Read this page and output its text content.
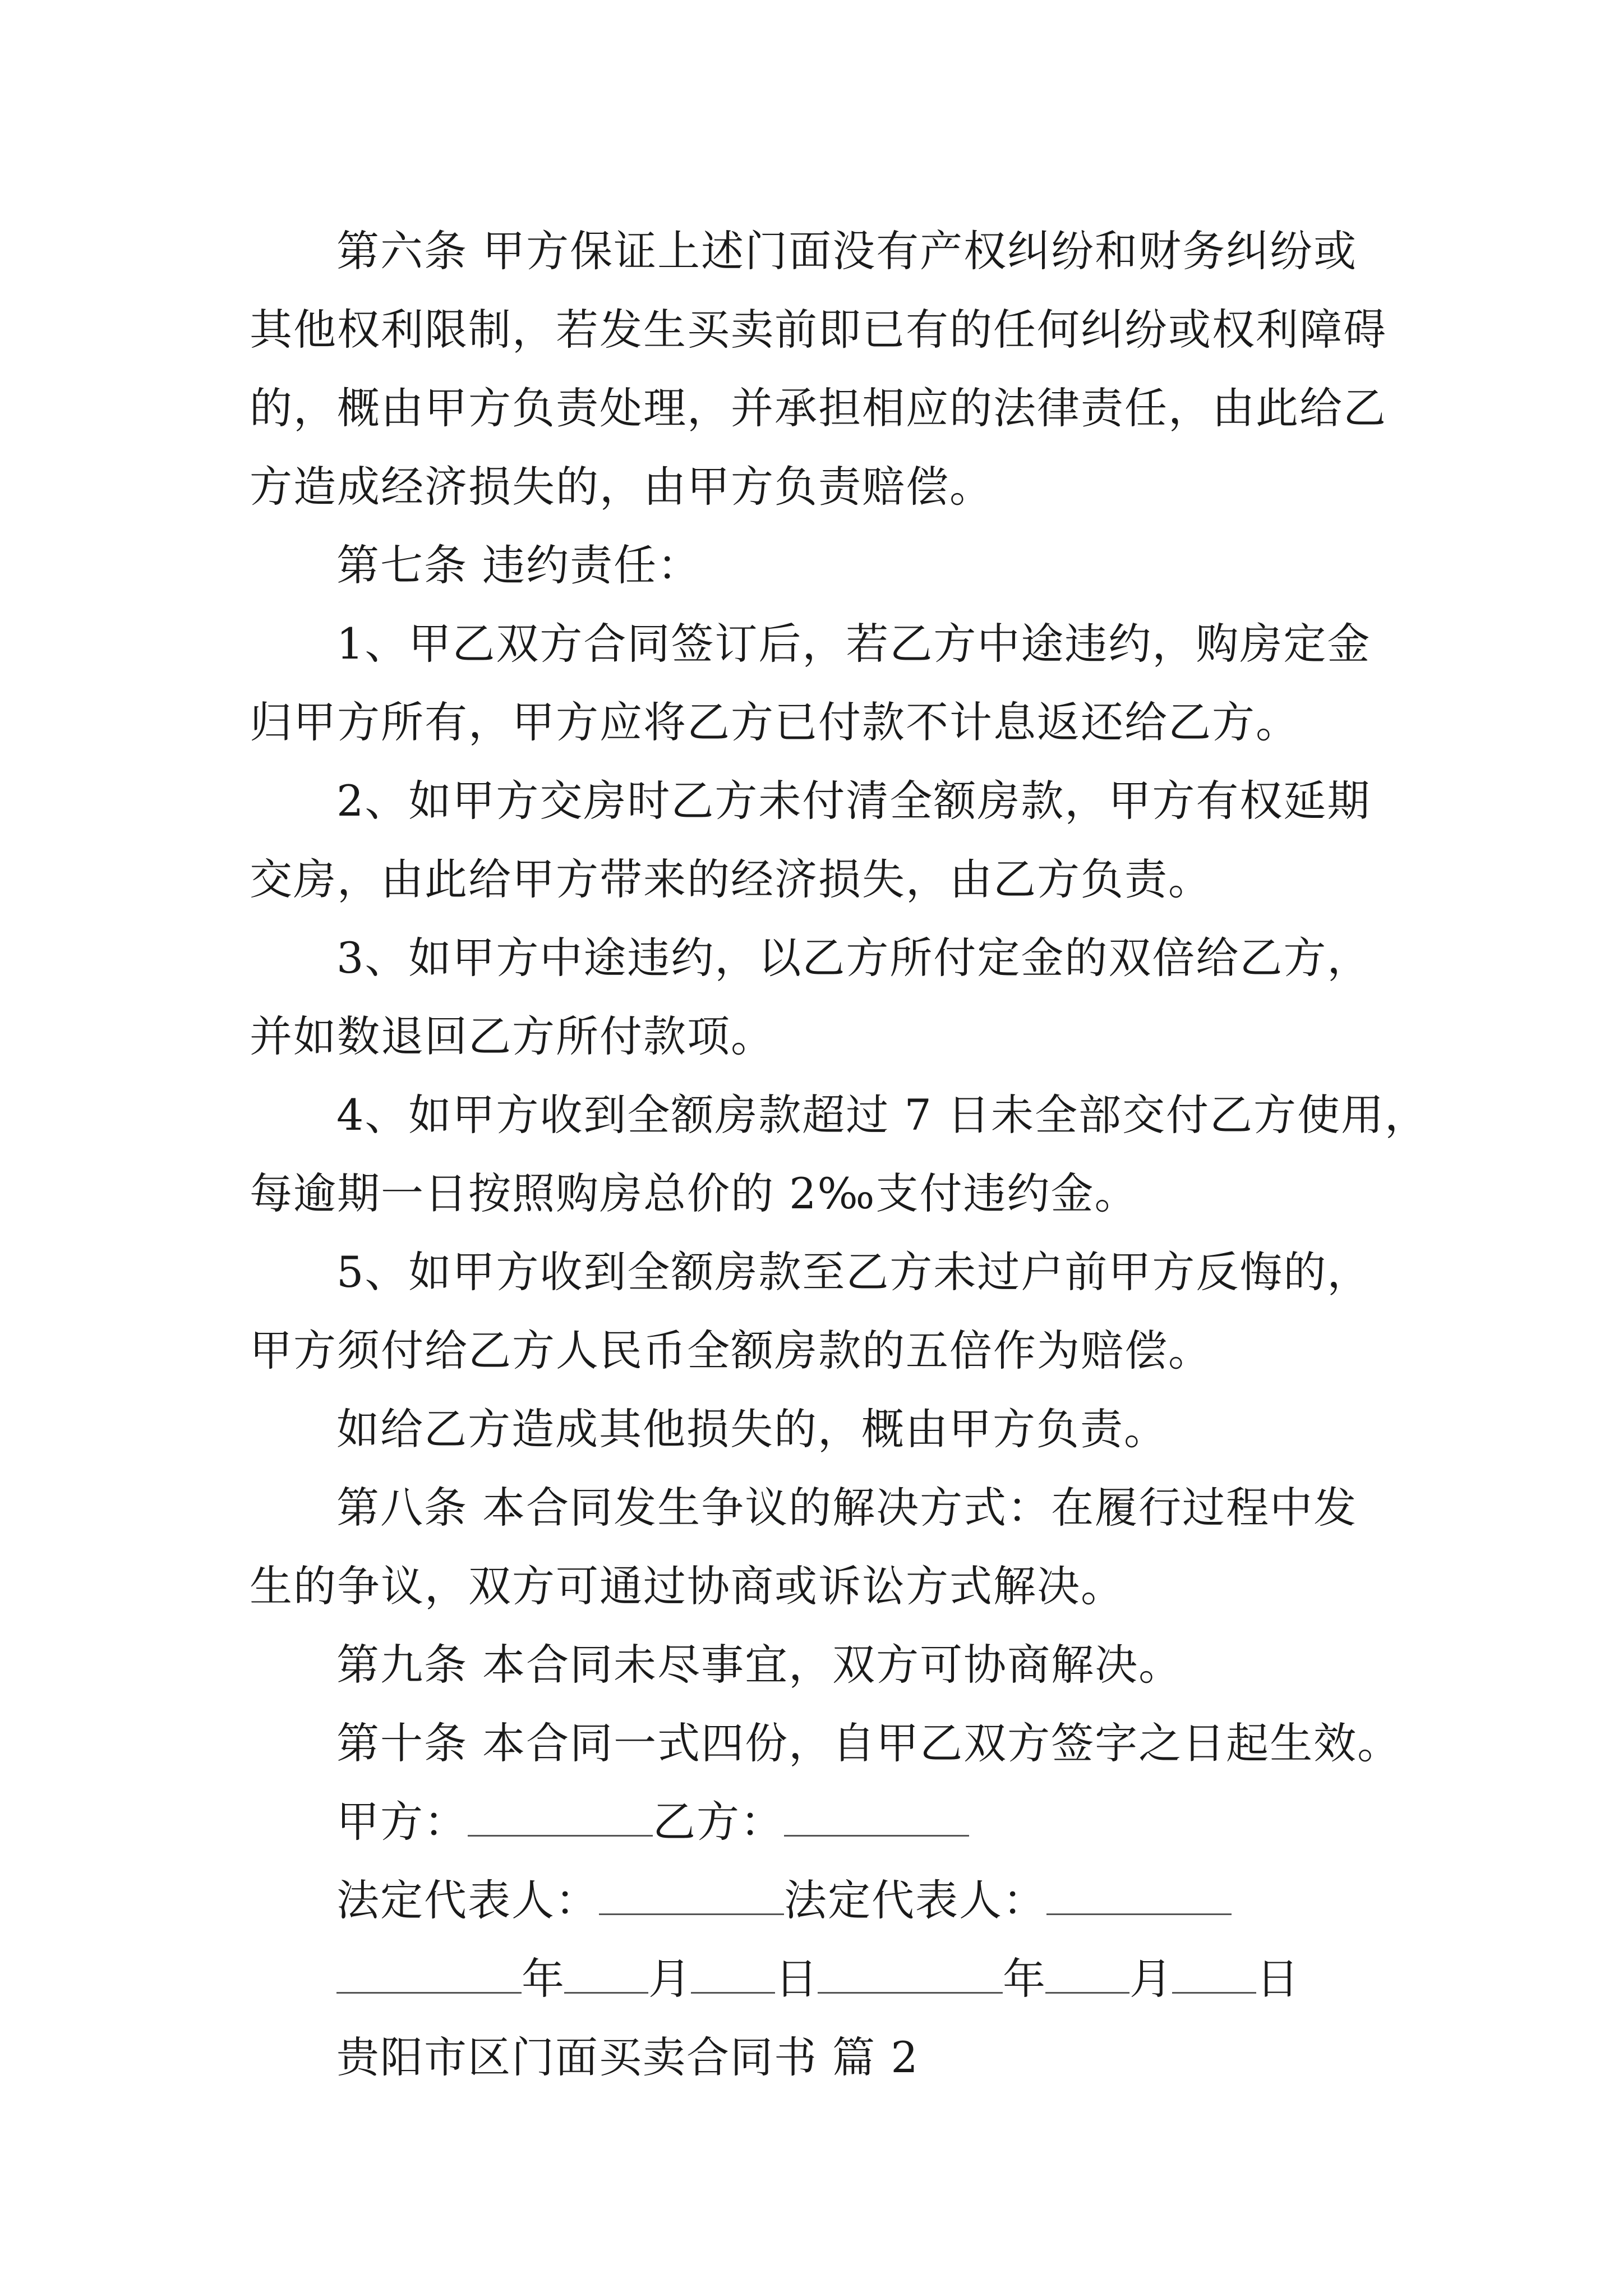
第六条 甲方保证上述门面没有产权纠纷和财务纠纷或
其他权利限制，若发生买卖前即已有的任何纠纷或权利障碍
的，概由甲方负责处理，并承担相应的法律责任，由此给乙
方造成经济损失的，由甲方负责赔偿。

第七条 违约责任：

1、甲乙双方合同签订后，若乙方中途违约，购房定金
归甲方所有，甲方应将乙方已付款不计息返还给乙方。

2、如甲方交房时乙方未付清全额房款，甲方有权延期
交房，由此给甲方带来的经济损失，由乙方负责。

3、如甲方中途违约，以乙方所付定金的双倍给乙方，
并如数退回乙方所付款项。

4、如甲方收到全额房款超过 7 日未全部交付乙方使用，
每逾期一日按照购房总价的 2‰支付违约金。

5、如甲方收到全额房款至乙方未过户前甲方反悔的，
甲方须付给乙方人民币全额房款的五倍作为赔偿。

如给乙方造成其他损失的，概由甲方负责。

第八条 本合同发生争议的解决方式：在履行过程中发
生的争议，双方可通过协商或诉讼方式解决。

第九条 本合同未尽事宜，双方可协商解决。

第十条 本合同一式四份，自甲乙双方签字之日起生效。

甲方：	乙方：

法定代表人：	法定代表人：

年 月 日	年 月 日

贵阳市区门面买卖合同书 篇 2
